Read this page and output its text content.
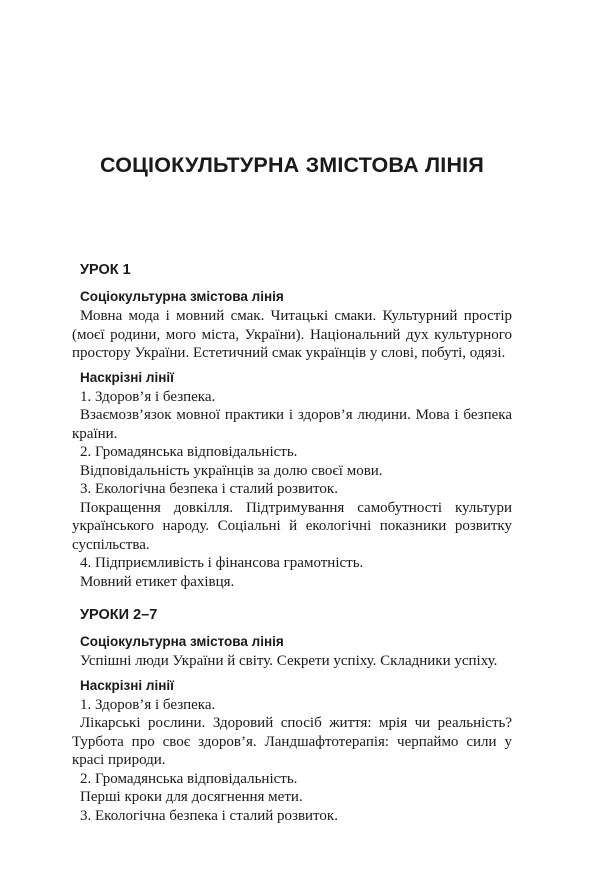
СОЦІОКУЛЬТУРНА ЗМІСТОВА ЛІНІЯ
УРОК 1
Соціокультурна змістова лінія

Мовна мода і мовний смак. Читацькі смаки. Культурний простір (моєї родини, мого міста, України). Національний дух культурного простору України. Естетичний смак українців у слові, побуті, одязі.

Наскрізні лінії
1. Здоров’я і безпека.

Взаємозв’язок мовної практики і здоров’я людини. Мова і безпека країни.

2. Громадянська відповідальність.

Відповідальність українців за долю своєї мови.

3. Екологічна безпека і сталий розвиток.

Покращення довкілля. Підтримування самобутності культури українського народу. Соціальні й екологічні показники розвитку суспільства.

4. Підприємливість і фінансова грамотність.

Мовний етикет фахівця.

УРОКИ 2–7
Соціокультурна змістова лінія

Успішні люди України й світу. Секрети успіху. Складники успіху.

Наскрізні лінії
1. Здоров’я і безпека.

Лікарські рослини. Здоровий спосіб життя: мрія чи реальність? Турбота про своє здоров’я. Ландшафтотерапія: черпаймо сили у красі природи.

2. Громадянська відповідальність.

Перші кроки для досягнення мети.

3. Екологічна безпека і сталий розвиток.
